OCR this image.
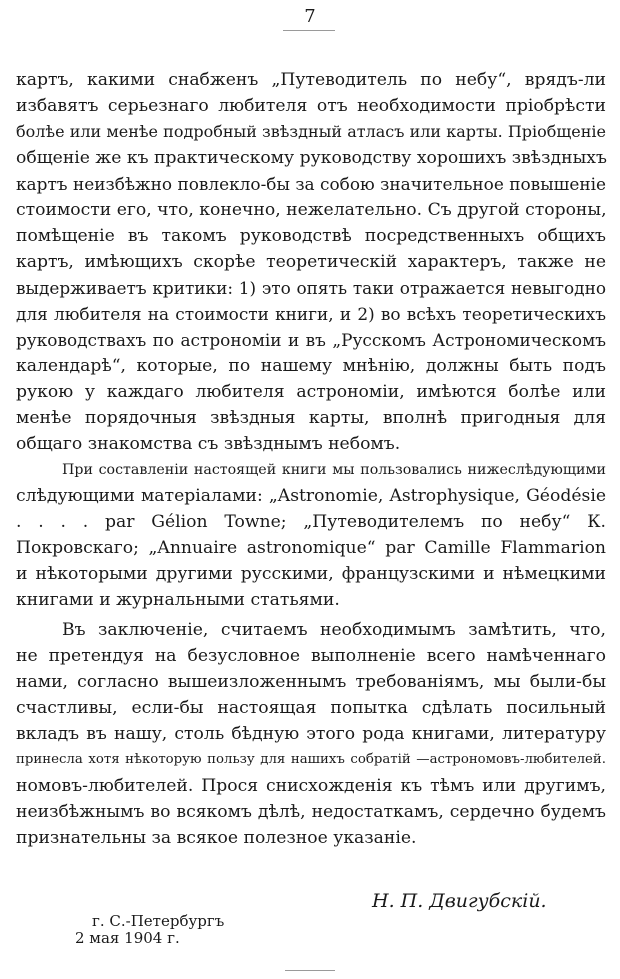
7
картъ, какими снабженъ „Путеводитель по небу“, врядъ-ли
избавятъ серьезнаго любителя отъ необходимости пріобрѣсти
болѣе или менѣе подробный звѣздный атласъ или карты. Пріобщеніе
общеніе же къ практическому руководству хорошихъ звѣздныхъ
картъ неизбѣжно повлекло-бы за собою значительное повышеніе
стоимости его, что, конечно, нежелательно. Съ другой стороны,
помѣщеніе въ такомъ руководствѣ посредственныхъ общихъ
картъ, имѣющихъ скорѣе теоретическій характеръ, также не
выдерживаетъ критики: 1) это опять таки отражается невыгодно
для любителя на стоимости книги, и 2) во всѣхъ теоретическихъ
руководствахъ по астрономіи и въ „Русскомъ Астрономическомъ
календарѣ“, которые, по нашему мнѣнію, должны быть подъ
рукою у каждаго любителя астрономіи, имѣются болѣе или
менѣе порядочныя звѣздныя карты, вполнѣ пригодныя для
общаго знакомства съ звѣзднымъ небомъ.
При составленіи настоящей книги мы пользовались нижеслѣдующими
слѣдующими матеріалами: „Astronomie, Astrophysique, Géodésie
. . . . par Gélion Towne; „Путеводителемъ по небу“ К.
Покровскаго; „Annuaire astronomique“ par Camille Flammarion
и нѣкоторыми другими русскими, французскими и нѣмецкими
книгами и журнальными статьями.
Въ заключеніе, считаемъ необходимымъ замѣтить, что,
не претендуя на безусловное выполненіе всего намѣченнаго
нами, согласно вышеизложеннымъ требованіямъ, мы были-бы
счастливы, если-бы настоящая попытка сдѣлать посильный
вкладъ въ нашу, столь бѣдную этого рода книгами, литературу
принесла хотя нѣкоторую пользу для нашихъ собратій —астрономовъ-любителей.
номовъ-любителей. Прося снисхожденія къ тѣмъ или другимъ,
неизбѣжнымъ во всякомъ дѣлѣ, недостаткамъ, сердечно будемъ
признательны за всякое полезное указаніе.
Н. П. Двигубскій.
г. С.-Петербургъ
2 мая 1904 г.
